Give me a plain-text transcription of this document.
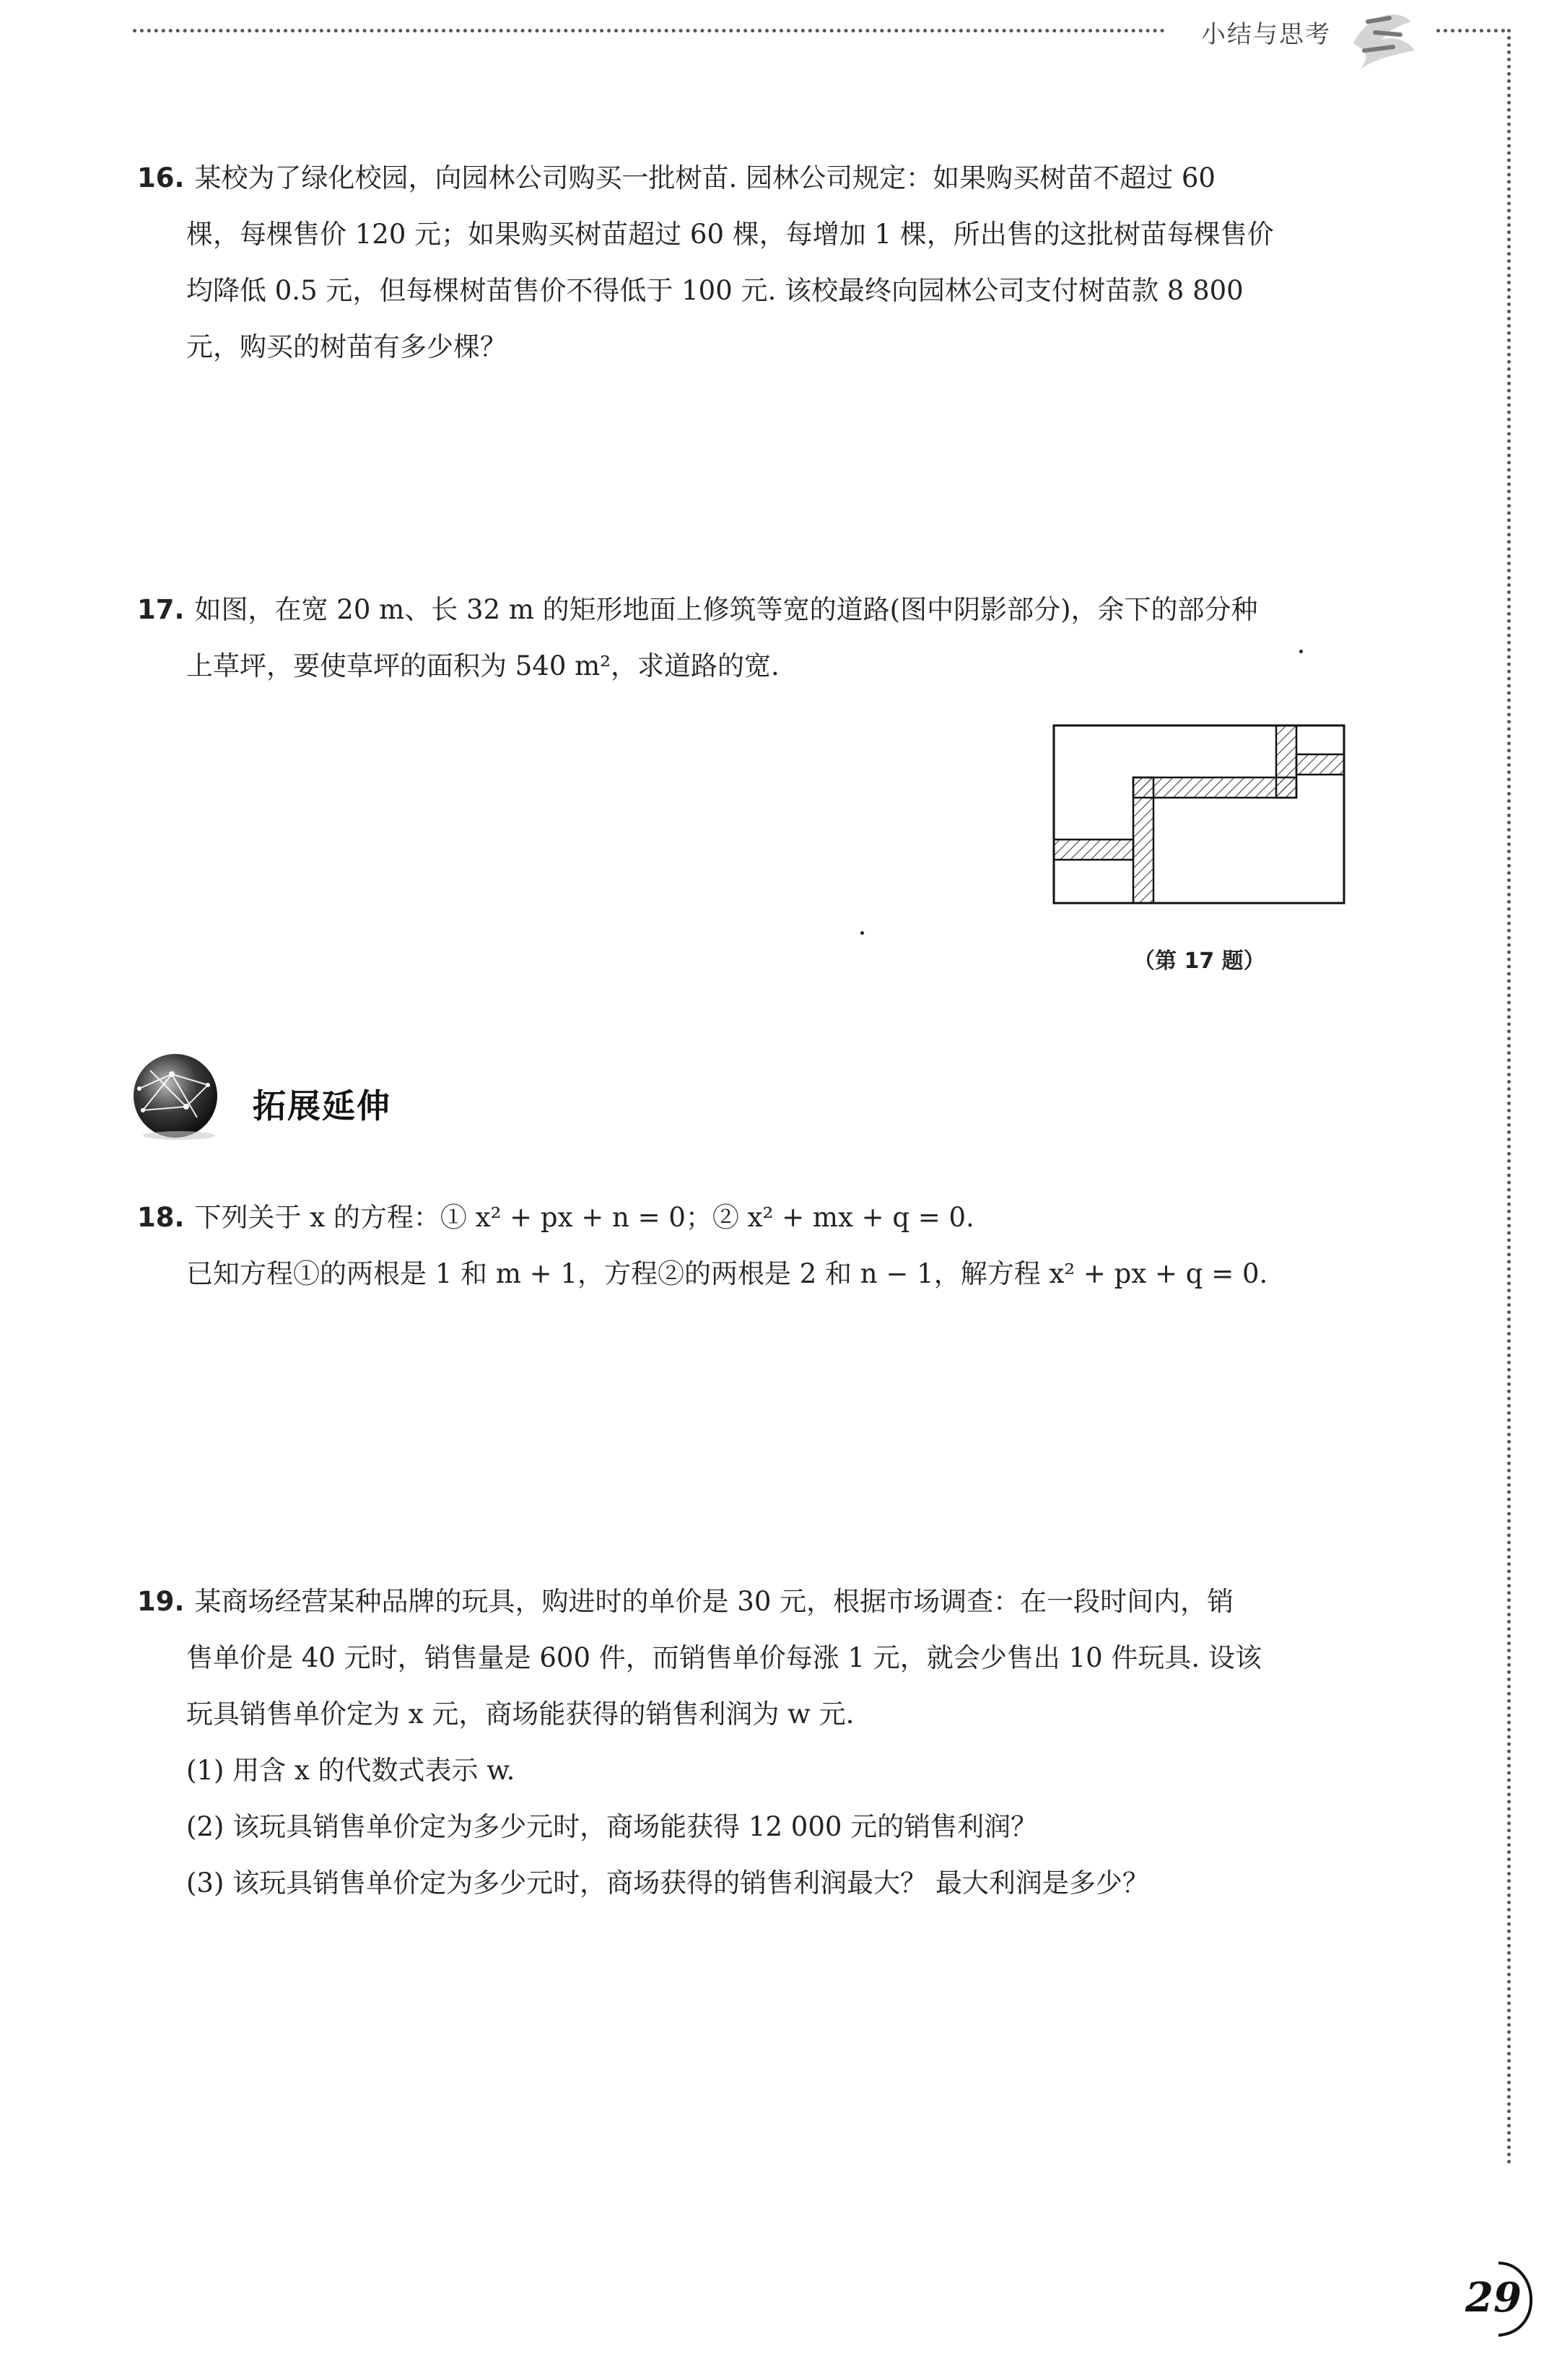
小结与思考
16. 某校为了绿化校园，向园林公司购买一批树苗. 园林公司规定：如果购买树苗不超过 60
棵，每棵售价 120 元；如果购买树苗超过 60 棵，每增加 1 棵，所出售的这批树苗每棵售价
均降低 0.5 元，但每棵树苗售价不得低于 100 元. 该校最终向园林公司支付树苗款 8 800
元，购买的树苗有多少棵？
17. 如图，在宽 20 m、长 32 m 的矩形地面上修筑等宽的道路(图中阴影部分)，余下的部分种
上草坪，要使草坪的面积为 540 m²，求道路的宽.
（第 17 题）
拓展延伸
18. 下列关于 x 的方程：① x² + px + n = 0；② x² + mx + q = 0.
已知方程①的两根是 1 和 m + 1，方程②的两根是 2 和 n − 1，解方程 x² + px + q = 0.
19. 某商场经营某种品牌的玩具，购进时的单价是 30 元，根据市场调查：在一段时间内，销
售单价是 40 元时，销售量是 600 件，而销售单价每涨 1 元，就会少售出 10 件玩具. 设该
玩具销售单价定为 x 元，商场能获得的销售利润为 w 元.
(1) 用含 x 的代数式表示 w.
(2) 该玩具销售单价定为多少元时，商场能获得 12 000 元的销售利润？
(3) 该玩具销售单价定为多少元时，商场获得的销售利润最大？ 最大利润是多少？
29
